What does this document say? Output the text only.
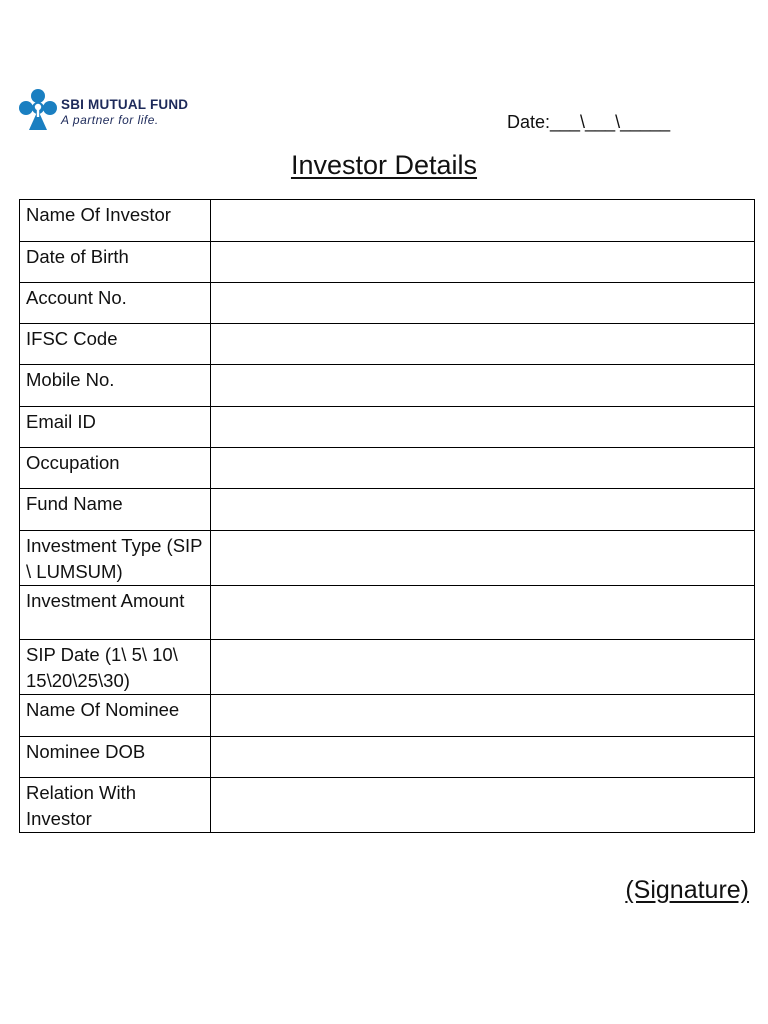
SBI MUTUAL FUND
A partner for life.	Date:___\___\_____
Investor Details
Name Of Investor	
Date of Birth	
Account No.	
IFSC Code	
Mobile No.	
Email ID	
Occupation	
Fund Name	
Investment Type (SIP \ LUMSUM)	
Investment Amount	
SIP Date (1\ 5\ 10\ 15\20\25\30)	
Name Of Nominee	
Nominee DOB	
Relation With Investor	
(Signature)
